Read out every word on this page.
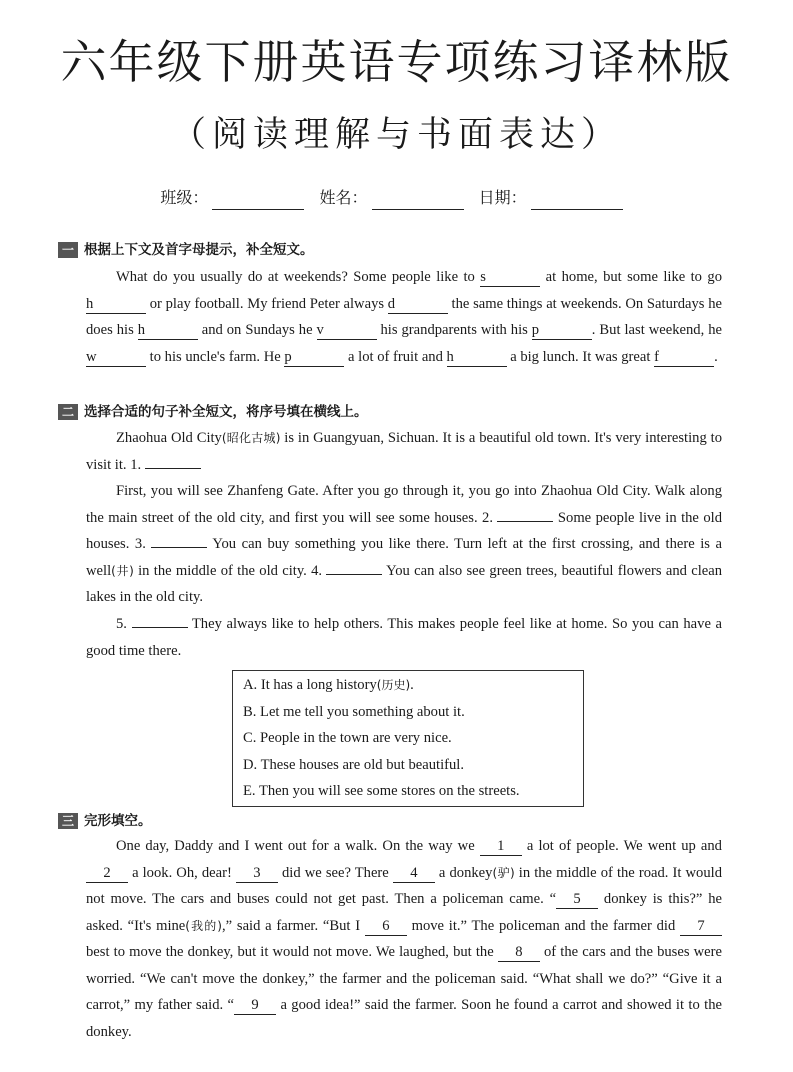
六年级下册英语专项练习译林版
（阅读理解与书面表达）
班级：	姓名：	日期：
一 根据上下文及首字母提示，补全短文。
What do you usually do at weekends? Some people like to s	at home, but some like to go h	or play football. My friend Peter always d	the same things at weekends. On Saturdays he does his h	and on Sundays he v	his grandparents with his p	. But last weekend, he w	to his uncle's farm. He p	a lot of fruit and h	a big lunch. It was great f	.
二 选择合适的句子补全短文，将序号填在横线上。
Zhaohua Old City(昭化古城) is in Guangyuan, Sichuan. It is a beautiful old town. It's very interesting to visit it. 1.
First, you will see Zhanfeng Gate. After you go through it, you go into Zhaohua Old City. Walk along the main street of the old city, and first you will see some houses. 2.	Some people live in the old houses. 3.	You can buy something you like there. Turn left at the first crossing, and there is a well(井) in the middle of the old city. 4.	You can also see green trees, beautiful flowers and clean lakes in the old city.
5.	They always like to help others. This makes people feel like at home. So you can have a good time there.
A. It has a long history(历史).
B. Let me tell you something about it.
C. People in the town are very nice.
D. These houses are old but beautiful.
E. Then you will see some stores on the streets.
三 完形填空。
One day, Daddy and I went out for a walk. On the way we 1 a lot of people. We went up and 2 a look. Oh, dear! 3 did we see? There 4 a donkey(驴) in the middle of the road. It would not move. The cars and buses could not get past. Then a policeman came. “ 5 donkey is this?” he asked. “It's mine(我的),” said a farmer. “But I 6 move it.” The policeman and the farmer did 7 best to move the donkey, but it would not move. We laughed, but the 8 of the cars and the buses were worried. “We can't move the donkey,” the farmer and the policeman said. “What shall we do?” “Give it a carrot,” my father said. “ 9 a good idea!” said the farmer. Soon he found a carrot and showed it to the donkey.
